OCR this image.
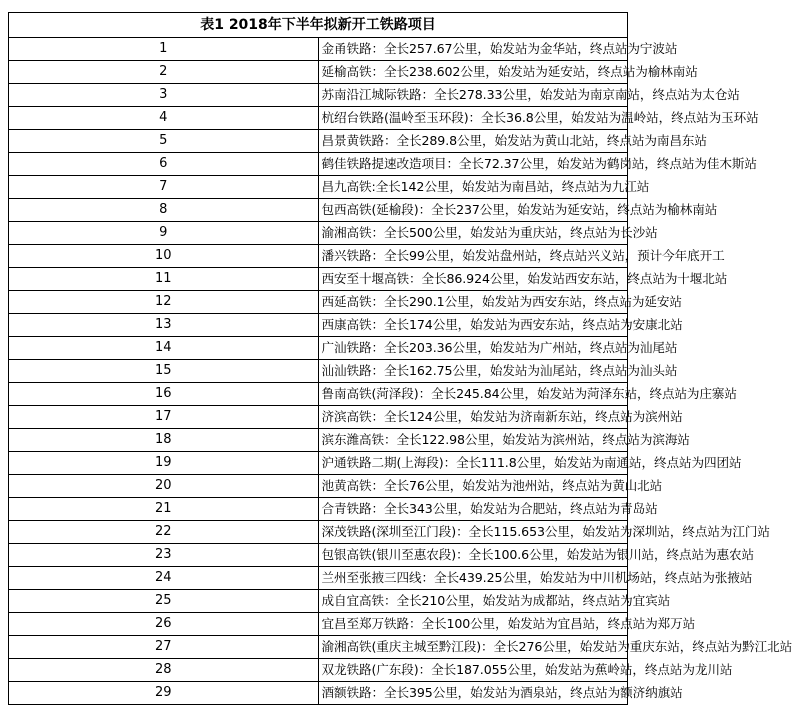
表1 2018年下半年拟新开工铁路项目	
1	金甬铁路：全长257.67公里，始发站为金华站，终点站为宁波站
2	延榆高铁：全长238.602公里，始发站为延安站，终点站为榆林南站
3	苏南沿江城际铁路：全长278.33公里，始发站为南京南站，终点站为太仓站
4	杭绍台铁路(温岭至玉环段)：全长36.8公里，始发站为温岭站，终点站为玉环站
5	昌景黄铁路：全长289.8公里，始发站为黄山北站，终点站为南昌东站
6	鹤佳铁路提速改造项目：全长72.37公里，始发站为鹤岗站，终点站为佳木斯站
7	昌九高铁:全长142公里，始发站为南昌站，终点站为九江站
8	包西高铁(延榆段)：全长237公里，始发站为延安站，终点站为榆林南站
9	渝湘高铁：全长500公里，始发站为重庆站，终点站为长沙站
10	潘兴铁路：全长99公里，始发站盘州站，终点站兴义站，预计今年底开工
11	西安至十堰高铁：全长86.924公里，始发站西安东站，终点站为十堰北站
12	西延高铁：全长290.1公里，始发站为西安东站，终点站为延安站
13	西康高铁：全长174公里，始发站为西安东站，终点站为安康北站
14	广汕铁路：全长203.36公里，始发站为广州站，终点站为汕尾站
15	汕汕铁路：全长162.75公里，始发站为汕尾站，终点站为汕头站
16	鲁南高铁(菏泽段)：全长245.84公里，始发站为菏泽东站，终点站为庄寨站
17	济滨高铁：全长124公里，始发站为济南新东站，终点站为滨州站
18	滨东潍高铁：全长122.98公里，始发站为滨州站，终点站为滨海站
19	沪通铁路二期(上海段)：全长111.8公里，始发站为南通站，终点站为四团站
20	池黄高铁：全长76公里，始发站为池州站，终点站为黄山北站
21	合青铁路：全长343公里，始发站为合肥站，终点站为青岛站
22	深茂铁路(深圳至江门段)：全长115.653公里，始发站为深圳站，终点站为江门站
23	包银高铁(银川至惠农段)：全长100.6公里，始发站为银川站，终点站为惠农站
24	兰州至张掖三四线：全长439.25公里，始发站为中川机场站，终点站为张掖站
25	成自宜高铁：全长210公里，始发站为成都站，终点站为宜宾站
26	宜昌至郑万铁路：全长100公里，始发站为宜昌站，终点站为郑万站
27	渝湘高铁(重庆主城至黔江段)：全长276公里，始发站为重庆东站，终点站为黔江北站
28	双龙铁路(广东段)：全长187.055公里，始发站为蕉岭站，终点站为龙川站
29	酒额铁路：全长395公里，始发站为酒泉站，终点站为额济纳旗站
